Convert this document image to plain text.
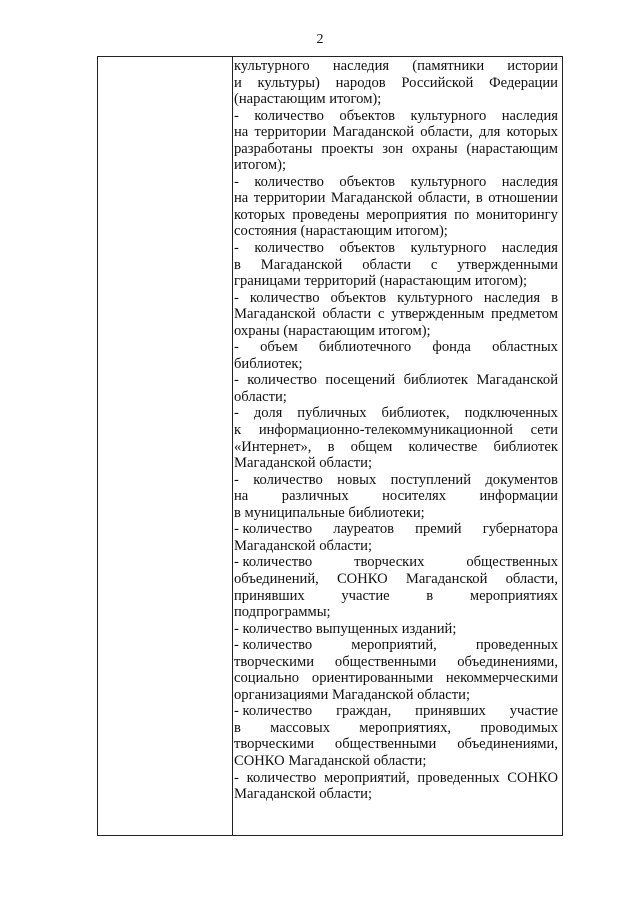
2
культурного наследия (памятники истории
и культуры) народов Российской Федерации
(нарастающим итогом);
- количество объектов культурного наследия
на территории Магаданской области, для которых
разработаны проекты зон охраны (нарастающим
итогом);
- количество объектов культурного наследия
на территории Магаданской области, в отношении
которых проведены мероприятия по мониторингу
состояния (нарастающим итогом);
- количество объектов культурного наследия
в Магаданской области с утвержденными
границами территорий (нарастающим итогом);
- количество объектов культурного наследия в
Магаданской области с утвержденным предметом
охраны (нарастающим итогом);
- объем библиотечного фонда областных
библиотек;
- количество посещений библиотек Магаданской
области;
- доля публичных библиотек, подключенных
к информационно-телекоммуникационной сети
«Интернет», в общем количестве библиотек
Магаданской области;
- количество новых поступлений документов
на различных носителях информации
в муниципальные библиотеки;
- количество лауреатов премий губернатора
Магаданской области;
- количество	творческих	общественных
объединений, СОНКО Магаданской области,
принявших	участие	в	мероприятиях
подпрограммы;
- количество выпущенных изданий;
- количество	мероприятий,	проведенных
творческими общественными объединениями,
социально ориентированными некоммерческими
организациями Магаданской области;
- количество граждан, принявших участие
в массовых мероприятиях, проводимых
творческими общественными объединениями,
СОНКО Магаданской области;
- количество мероприятий, проведенных СОНКО
Магаданской области;
